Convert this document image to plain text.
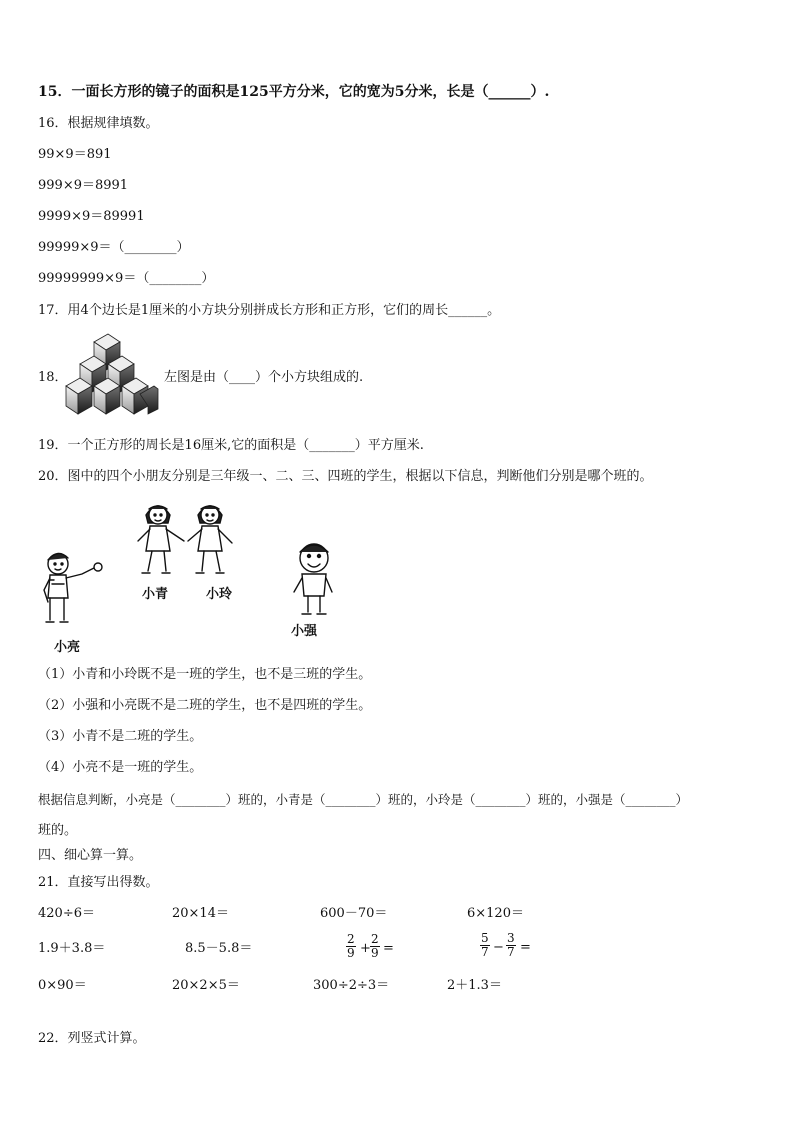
15．一面长方形的镜子的面积是125平方分米，它的宽为5分米，长是（______）.
16．根据规律填数。
99×9＝891
999×9＝8991
9999×9＝89991
99999×9＝（________）
99999999×9＝（________）
17．用4个边长是1厘米的小方块分别拼成长方形和正方形，它们的周长______。
18．	左图是由（____）个小方块组成的.
19．一个正方形的周长是16厘米,它的面积是（_______）平方厘米.
20．图中的四个小朋友分别是三年级一、二、三、四班的学生，根据以下信息，判断他们分别是哪个班的。
小青	小玲
小强
小亮
（1）小青和小玲既不是一班的学生，也不是三班的学生。
（2）小强和小亮既不是二班的学生，也不是四班的学生。
（3）小青不是二班的学生。
（4）小亮不是一班的学生。
根据信息判断，小亮是（________）班的，小青是（________）班的，小玲是（________）班的，小强是（________）
班的。
四、细心算一算。
21．直接写出得数。
420÷6＝	20×14＝	600－70＝	6×120＝
1.9＋3.8＝	8.5－5.8＝	$\frac{2}{9} + \frac{2}{9}$ =	$\frac{5}{7} - \frac{3}{7}$ =
0×90＝	20×2×5＝	300÷2÷3＝	2＋1.3＝
22．列竖式计算。
